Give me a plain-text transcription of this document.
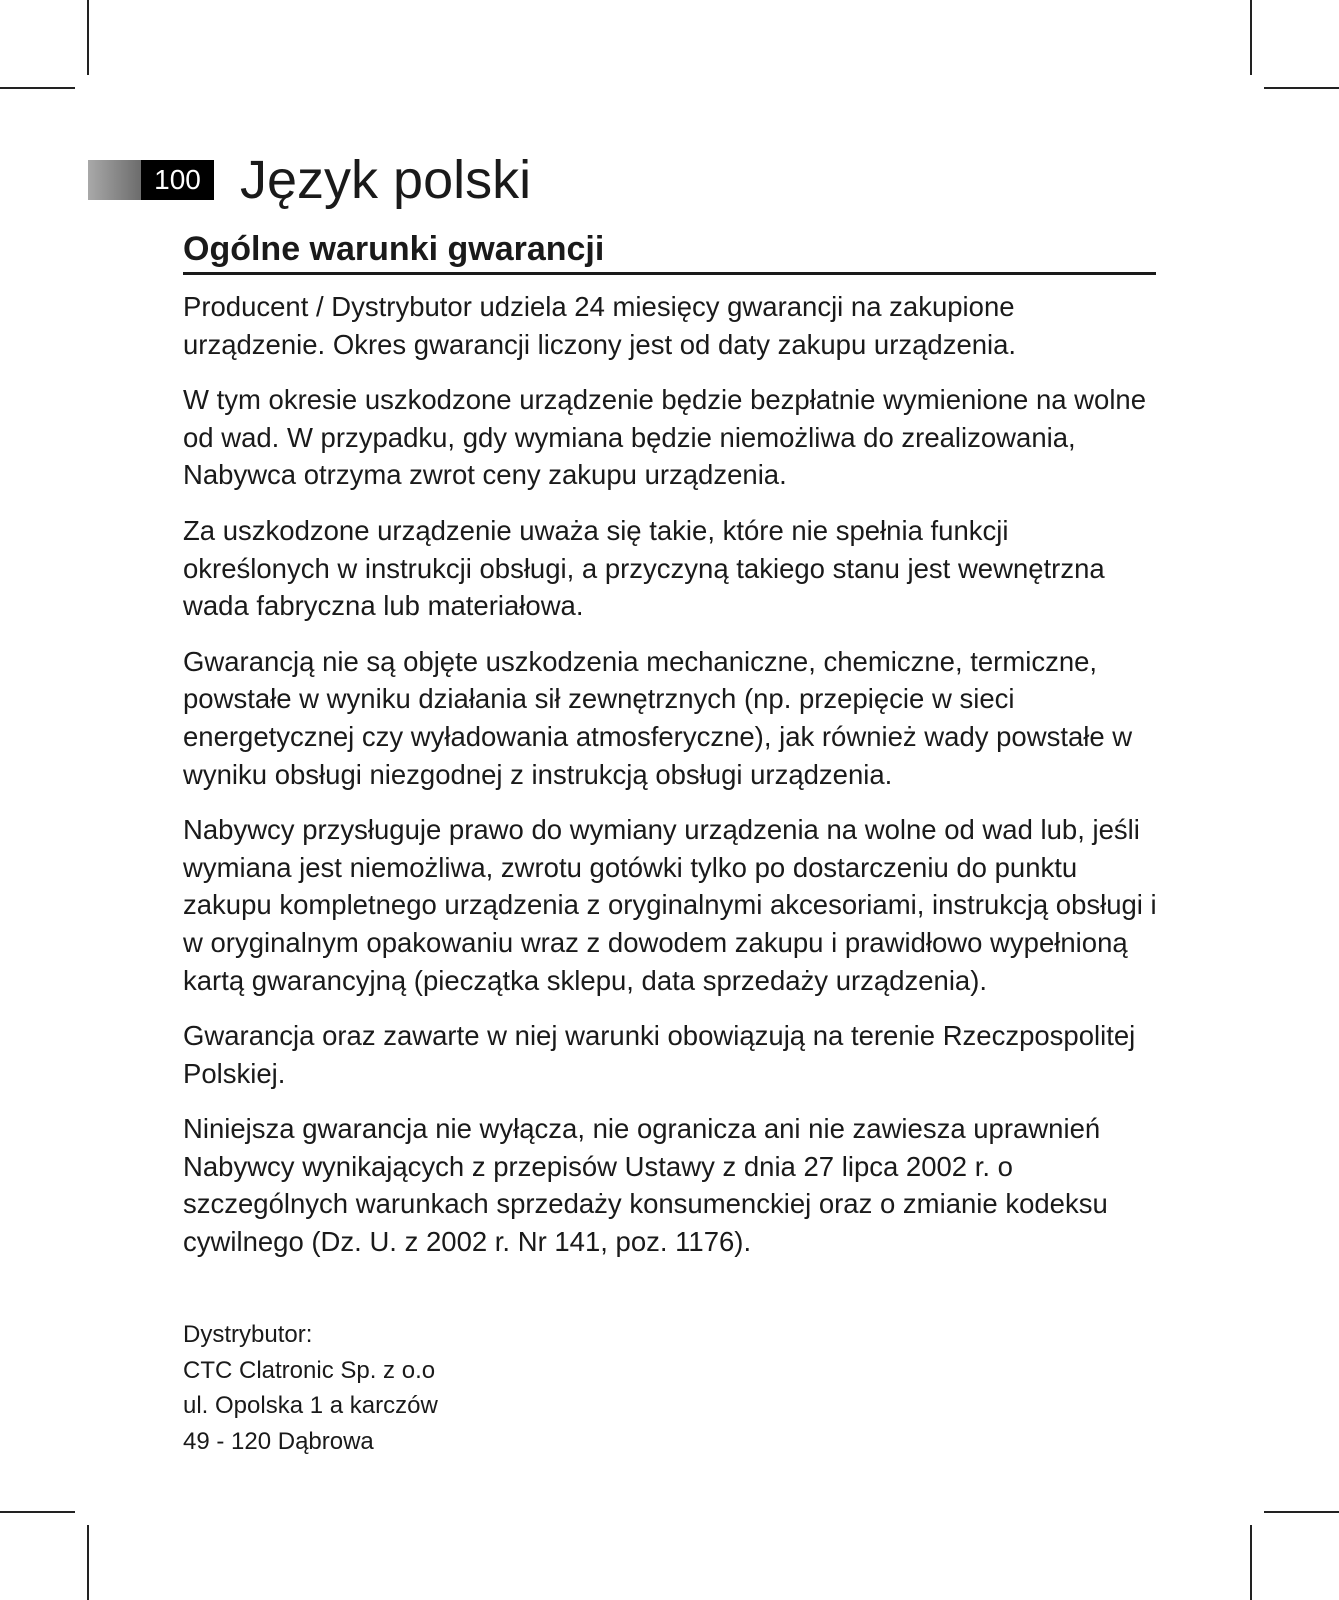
100 Język polski
Ogólne warunki gwarancji

Producent / Dystrybutor udziela 24 miesięcy gwarancji na zakupione urządzenie. Okres gwarancji liczony jest od daty zakupu urządzenia.

W tym okresie uszkodzone urządzenie będzie bezpłatnie wymienione na wolne od wad. W przypadku, gdy wymiana będzie niemożliwa do zrealizowania, Nabywca otrzyma zwrot ceny zakupu urządzenia.

Za uszkodzone urządzenie uważa się takie, które nie spełnia funkcji określonych w instrukcji obsługi, a przyczyną takiego stanu jest wewnętrzna wada fabryczna lub materiałowa.

Gwarancją nie są objęte uszkodzenia mechaniczne, chemiczne, termiczne, powstałe w wyniku działania sił zewnętrznych (np. przepięcie w sieci energetycznej czy wyładowania atmosferyczne), jak również wady powstałe w wyniku obsługi niezgodnej z instrukcją obsługi urządzenia.

Nabywcy przysługuje prawo do wymiany urządzenia na wolne od wad lub, jeśli wymiana jest niemożliwa, zwrotu gotówki tylko po dostarczeniu do punktu zakupu kompletnego urządzenia z oryginalnymi akcesoriami, instrukcją obsługi i w oryginalnym opakowaniu wraz z dowodem zakupu i prawidłowo wypełnioną kartą gwarancyjną (pieczątka sklepu, data sprzedaży urządzenia).

Gwarancja oraz zawarte w niej warunki obowiązują na terenie Rzeczpospolitej Polskiej.

Niniejsza gwarancja nie wyłącza, nie ogranicza ani nie zawiesza uprawnień Nabywcy wynikających z przepisów Ustawy z dnia 27 lipca 2002 r. o szczególnych warunkach sprzedaży konsumenckiej oraz o zmianie kodeksu cywilnego (Dz. U. z 2002 r. Nr 141, poz. 1176).

Dystrybutor:
CTC Clatronic Sp. z o.o
ul. Opolska 1 a karczów
49 - 120 Dąbrowa
